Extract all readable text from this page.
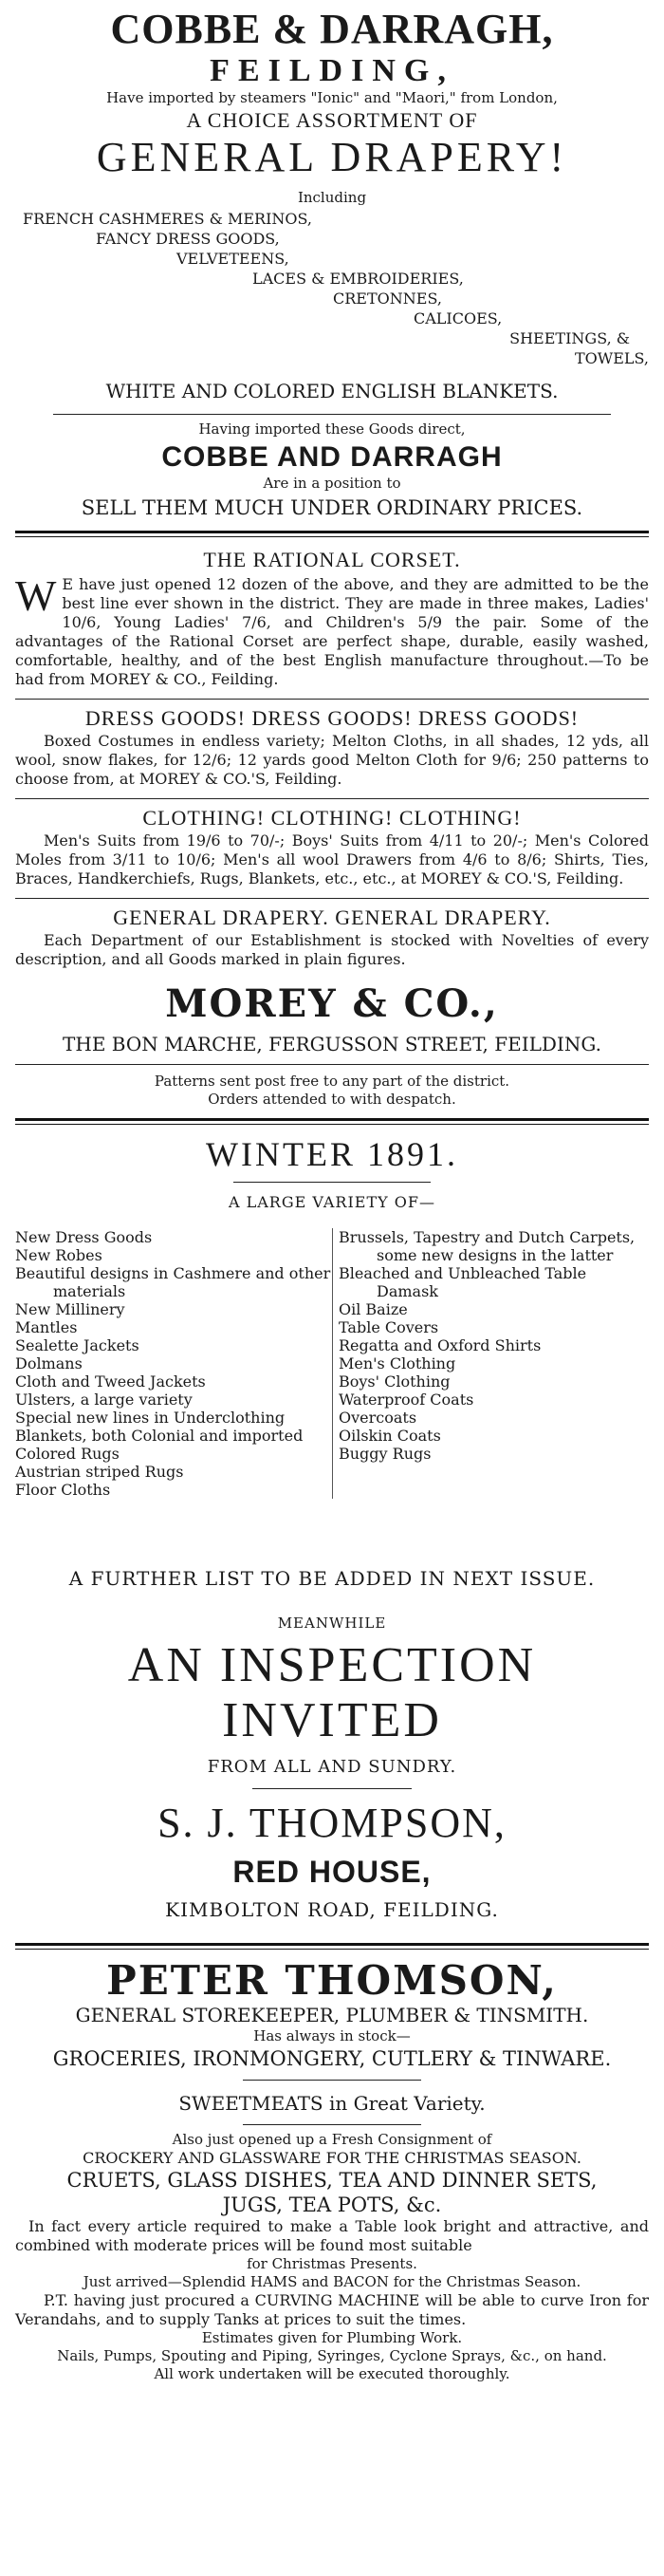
COBBE & DARRAGH,

FEILDING,

Have imported by steamers "Ionic" and "Maori," from London,

A CHOICE ASSORTMENT OF

GENERAL DRAPERY!

Including

FRENCH CASHMERES & MERINOS,

FANCY DRESS GOODS,

VELVETEENS,

LACES & EMBROIDERIES,

CRETONNES,

CALICOES,

SHEETINGS, &

TOWELS,

WHITE AND COLORED ENGLISH BLANKETS.

Having imported these Goods direct,

COBBE AND DARRAGH

Are in a position to

SELL THEM MUCH UNDER ORDINARY PRICES.

THE RATIONAL CORSET.

W E have just opened 12 dozen of the above, and they are admitted to be the best line ever shown in the district. They are made in three makes, Ladies' 10/6, Young Ladies' 7/6, and Children's 5/9 the pair. Some of the advantages of the Rational Corset are perfect shape, durable, easily washed, comfortable, healthy, and of the best English manufacture throughout.—To be had from MOREY & CO., Feilding.

DRESS GOODS! DRESS GOODS! DRESS GOODS!

Boxed Costumes in endless variety; Melton Cloths, in all shades, 12 yds, all wool, snow flakes, for 12/6; 12 yards good Melton Cloth for 9/6; 250 patterns to choose from, at MOREY & CO.'S, Feilding.

CLOTHING! CLOTHING! CLOTHING!

Men's Suits from 19/6 to 70/-; Boys' Suits from 4/11 to 20/-; Men's Colored Moles from 3/11 to 10/6; Men's all wool Drawers from 4/6 to 8/6; Shirts, Ties, Braces, Handkerchiefs, Rugs, Blankets, etc., etc., at MOREY & CO.'S, Feilding.

GENERAL DRAPERY. GENERAL DRAPERY.

Each Department of our Establishment is stocked with Novelties of every description, and all Goods marked in plain figures.

MOREY & CO.,

THE BON MARCHE, FERGUSSON STREET, FEILDING.

Patterns sent post free to any part of the district.

Orders attended to with despatch.

WINTER 1891.

A LARGE VARIETY OF—

New Dress Goods

New Robes

Beautiful designs in Cashmere and other materials

New Millinery

Mantles

Sealette Jackets

Dolmans

Cloth and Tweed Jackets

Ulsters, a large variety

Special new lines in Underclothing

Blankets, both Colonial and imported

Colored Rugs

Austrian striped Rugs

Floor Cloths

Brussels, Tapestry and Dutch Carpets, some new designs in the latter

Bleached and Unbleached Table Damask

Oil Baize

Table Covers

Regatta and Oxford Shirts

Men's Clothing

Boys' Clothing

Waterproof Coats

Overcoats

Oilskin Coats

Buggy Rugs

A FURTHER LIST TO BE ADDED IN NEXT ISSUE.

MEANWHILE

AN INSPECTION INVITED

FROM ALL AND SUNDRY.

S. J. THOMPSON,

RED HOUSE,

KIMBOLTON ROAD, FEILDING.

PETER THOMSON,

GENERAL STOREKEEPER, PLUMBER & TINSMITH.

Has always in stock—

GROCERIES, IRONMONGERY, CUTLERY & TINWARE.

SWEETMEATS in Great Variety.

Also just opened up a Fresh Consignment of

CROCKERY AND GLASSWARE FOR THE CHRISTMAS SEASON.

CRUETS, GLASS DISHES, TEA AND DINNER SETS,

JUGS, TEA POTS, &c.

In fact every article required to make a Table look bright and attractive, and combined with moderate prices will be found most suitable

for Christmas Presents.

Just arrived—Splendid HAMS and BACON for the Christmas Season.

P.T. having just procured a CURVING MACHINE will be able to curve Iron for Verandahs, and to supply Tanks at prices to suit the times.

Estimates given for Plumbing Work.

Nails, Pumps, Spouting and Piping, Syringes, Cyclone Sprays, &c., on hand.

All work undertaken will be executed thoroughly.
